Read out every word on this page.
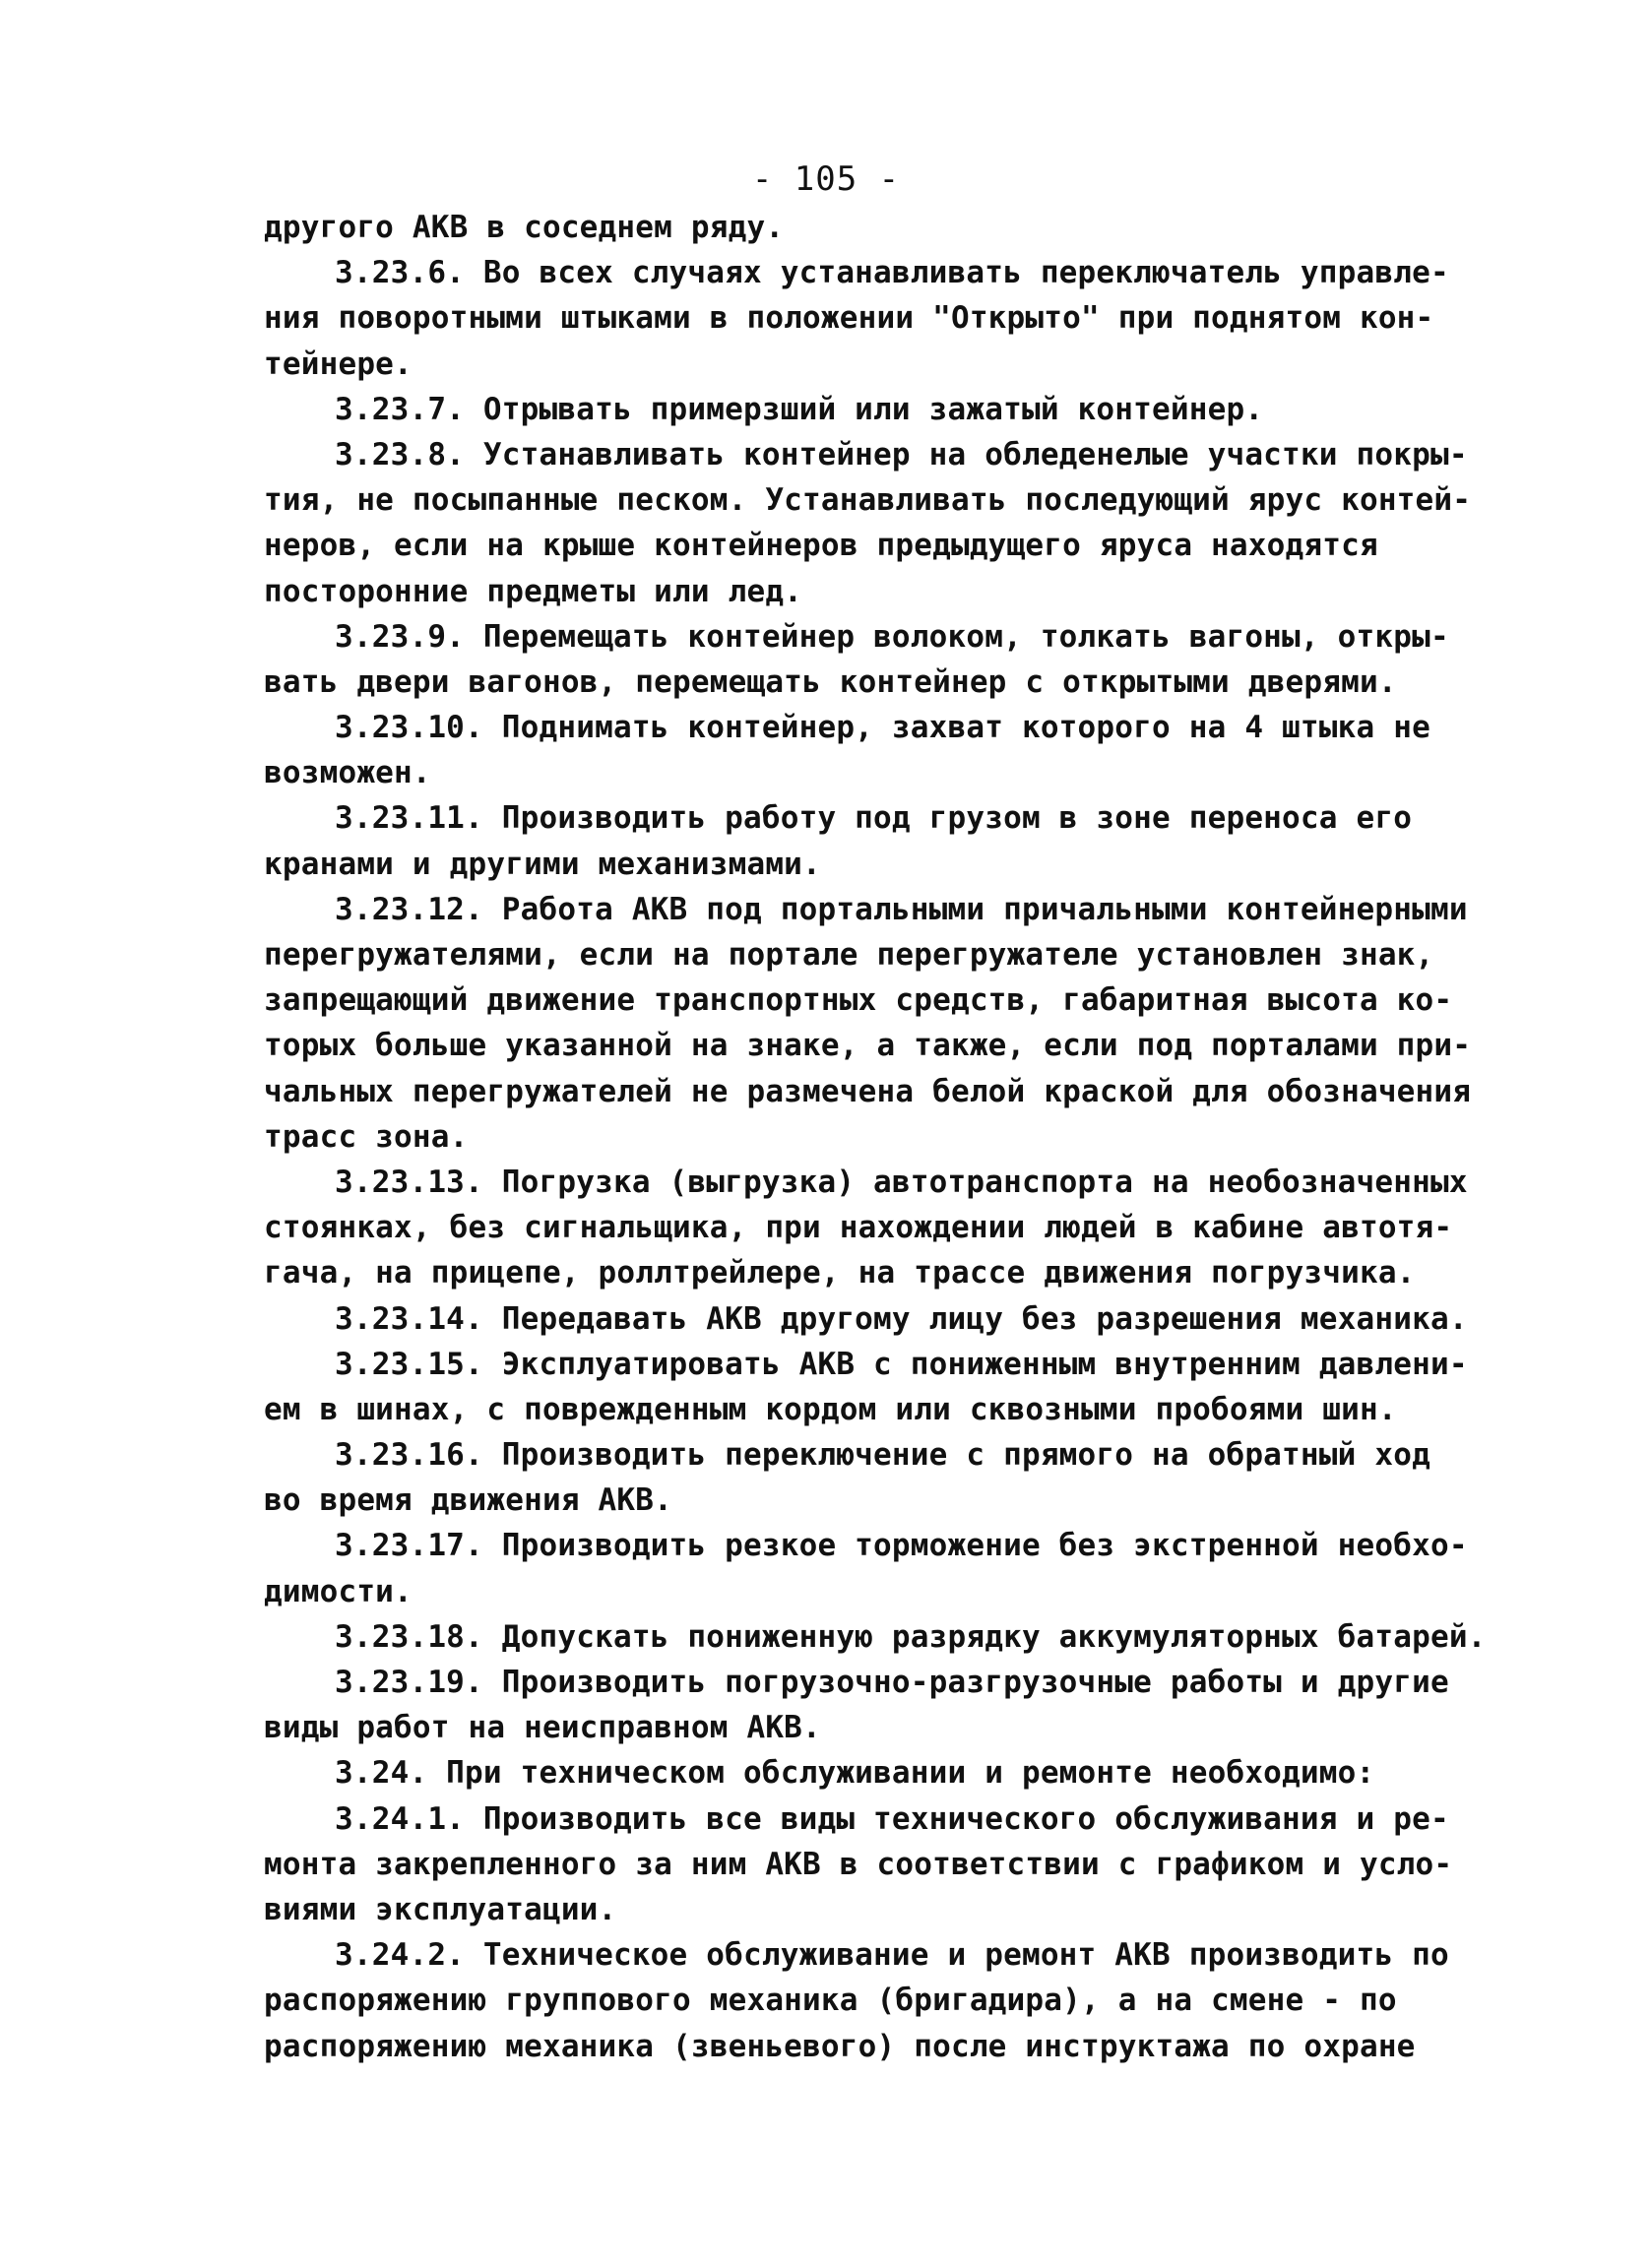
- 105 -
другого АКВ в соседнем ряду.
3.23.6. Во всех случаях устанавливать переключатель управле-
ния поворотными штыками в положении "Открыто" при поднятом кон-
тейнере.
3.23.7. Отрывать примерзший или зажатый контейнер.
3.23.8. Устанавливать контейнер на обледенелые участки покры-
тия, не посыпанные песком. Устанавливать последующий ярус контей-
неров, если на крыше контейнеров предыдущего яруса находятся
посторонние предметы или лед.
3.23.9. Перемещать контейнер волоком, толкать вагоны, откры-
вать двери вагонов, перемещать контейнер с открытыми дверями.
3.23.10. Поднимать контейнер, захват которого на 4 штыка не
возможен.
3.23.11. Производить работу под грузом в зоне переноса его
кранами и другими механизмами.
3.23.12. Работа АКВ под портальными причальными контейнерными
перегружателями, если на портале перегружателе установлен знак,
запрещающий движение транспортных средств, габаритная высота ко-
торых больше указанной на знаке, а также, если под порталами при-
чальных перегружателей не размечена белой краской для обозначения
трасс зона.
3.23.13. Погрузка (выгрузка) автотранспорта на необозначенных
стоянках, без сигнальщика, при нахождении людей в кабине автотя-
гача, на прицепе, роллтрейлере, на трассе движения погрузчика.
3.23.14. Передавать АКВ другому лицу без разрешения механика.
3.23.15. Эксплуатировать АКВ с пониженным внутренним давлени-
ем в шинах, с поврежденным кордом или сквозными пробоями шин.
3.23.16. Производить переключение с прямого на обратный ход
во время движения АКВ.
3.23.17. Производить резкое торможение без экстренной необхо-
димости.
3.23.18. Допускать пониженную разрядку аккумуляторных батарей.
3.23.19. Производить погрузочно-разгрузочные работы и другие
виды работ на неисправном АКВ.
3.24. При техническом обслуживании и ремонте необходимо:
3.24.1. Производить все виды технического обслуживания и ре-
монта закрепленного за ним АКВ в соответствии с графиком и усло-
виями эксплуатации.
3.24.2. Техническое обслуживание и ремонт АКВ производить по
распоряжению группового механика (бригадира), а на смене - по
распоряжению механика (звеньевого) после инструктажа по охране
